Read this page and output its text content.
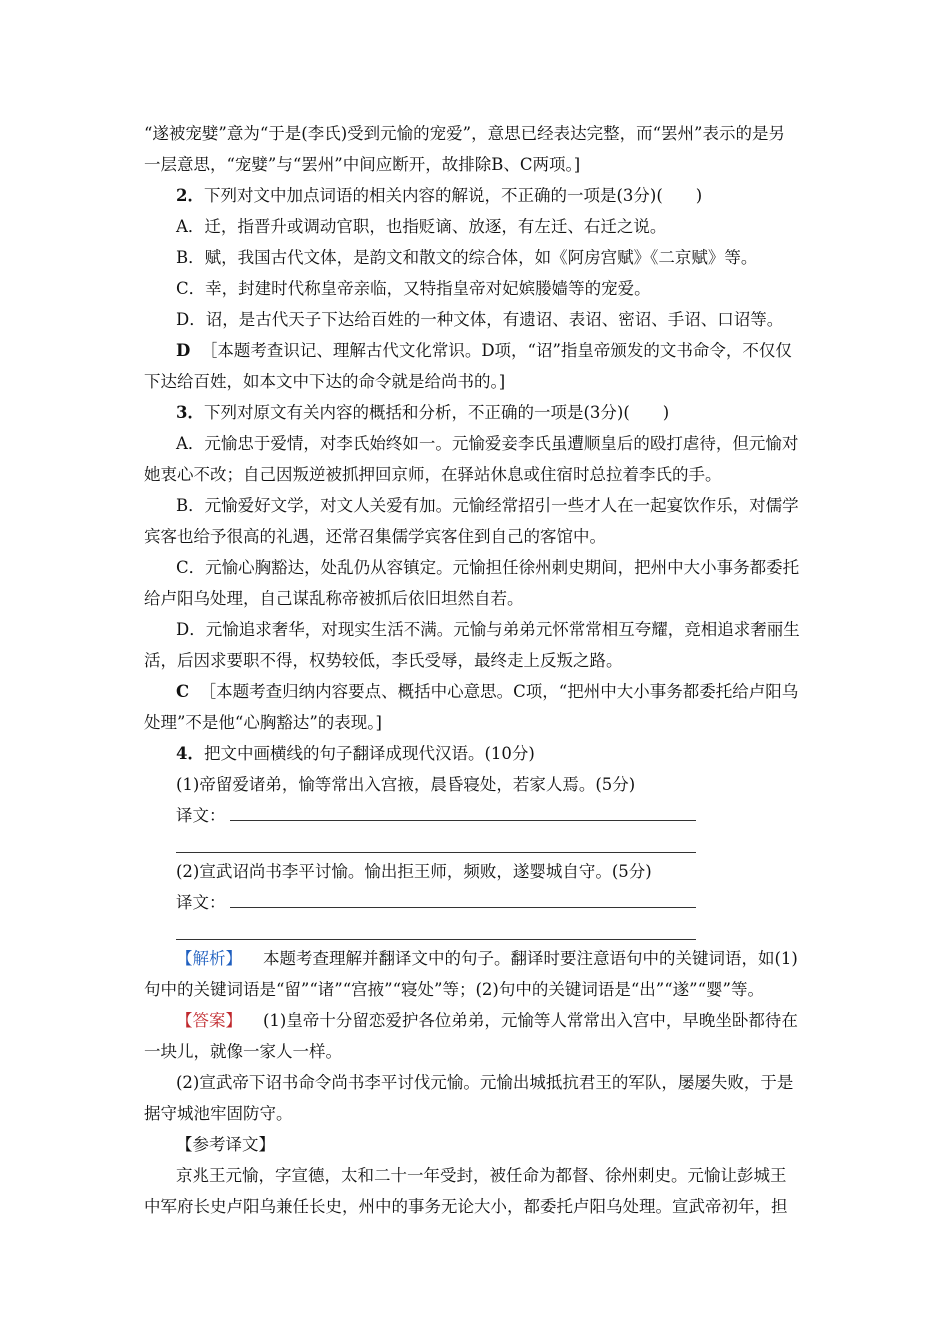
“遂被宠嬖”意为“于是(李氏)受到元愉的宠爱”，意思已经表达完整，而“罢州”表示的是另
一层意思，“宠嬖”与“罢州”中间应断开，故排除B、C两项。]
2．下列对文中加点词语的相关内容的解说，不正确的一项是(3分)(　　)
A．迁，指晋升或调动官职，也指贬谪、放逐，有左迁、右迁之说。
B．赋，我国古代文体，是韵文和散文的综合体，如《阿房宫赋》《二京赋》等。
C．幸，封建时代称皇帝亲临，又特指皇帝对妃嫔媵嫱等的宠爱。
D．诏，是古代天子下达给百姓的一种文体，有遗诏、表诏、密诏、手诏、口诏等。
D ［本题考查识记、理解古代文化常识。D项，“诏”指皇帝颁发的文书命令，不仅仅
下达给百姓，如本文中下达的命令就是给尚书的。]
3．下列对原文有关内容的概括和分析，不正确的一项是(3分)(　　)
A．元愉忠于爱情，对李氏始终如一。元愉爱妾李氏虽遭顺皇后的殴打虐待，但元愉对
她衷心不改；自己因叛逆被抓押回京师，在驿站休息或住宿时总拉着李氏的手。
B．元愉爱好文学，对文人关爱有加。元愉经常招引一些才人在一起宴饮作乐，对儒学
宾客也给予很高的礼遇，还常召集儒学宾客住到自己的客馆中。
C．元愉心胸豁达，处乱仍从容镇定。元愉担任徐州刺史期间，把州中大小事务都委托
给卢阳乌处理，自己谋乱称帝被抓后依旧坦然自若。
D．元愉追求奢华，对现实生活不满。元愉与弟弟元怀常常相互夸耀，竞相追求奢丽生
活，后因求要职不得，权势较低，李氏受辱，最终走上反叛之路。
C ［本题考查归纳内容要点、概括中心意思。C项，“把州中大小事务都委托给卢阳乌
处理”不是他“心胸豁达”的表现。]
4．把文中画横线的句子翻译成现代汉语。(10分)
(1)帝留爱诸弟，愉等常出入宫掖，晨昏寝处，若家人焉。(5分)
译文：
(2)宣武诏尚书李平讨愉。愉出拒王师，频败，遂婴城自守。(5分)
译文：
【解析】 本题考查理解并翻译文中的句子。翻译时要注意语句中的关键词语，如(1)
句中的关键词语是“留”“诸”“宫掖”“寝处”等；(2)句中的关键词语是“出”“遂”“婴”等。
【答案】 (1)皇帝十分留恋爱护各位弟弟，元愉等人常常出入宫中，早晚坐卧都待在
一块儿，就像一家人一样。
(2)宣武帝下诏书命令尚书李平讨伐元愉。元愉出城抵抗君王的军队，屡屡失败，于是
据守城池牢固防守。
【参考译文】
京兆王元愉，字宣德，太和二十一年受封，被任命为都督、徐州刺史。元愉让彭城王
中军府长史卢阳乌兼任长史，州中的事务无论大小，都委托卢阳乌处理。宣武帝初年，担
